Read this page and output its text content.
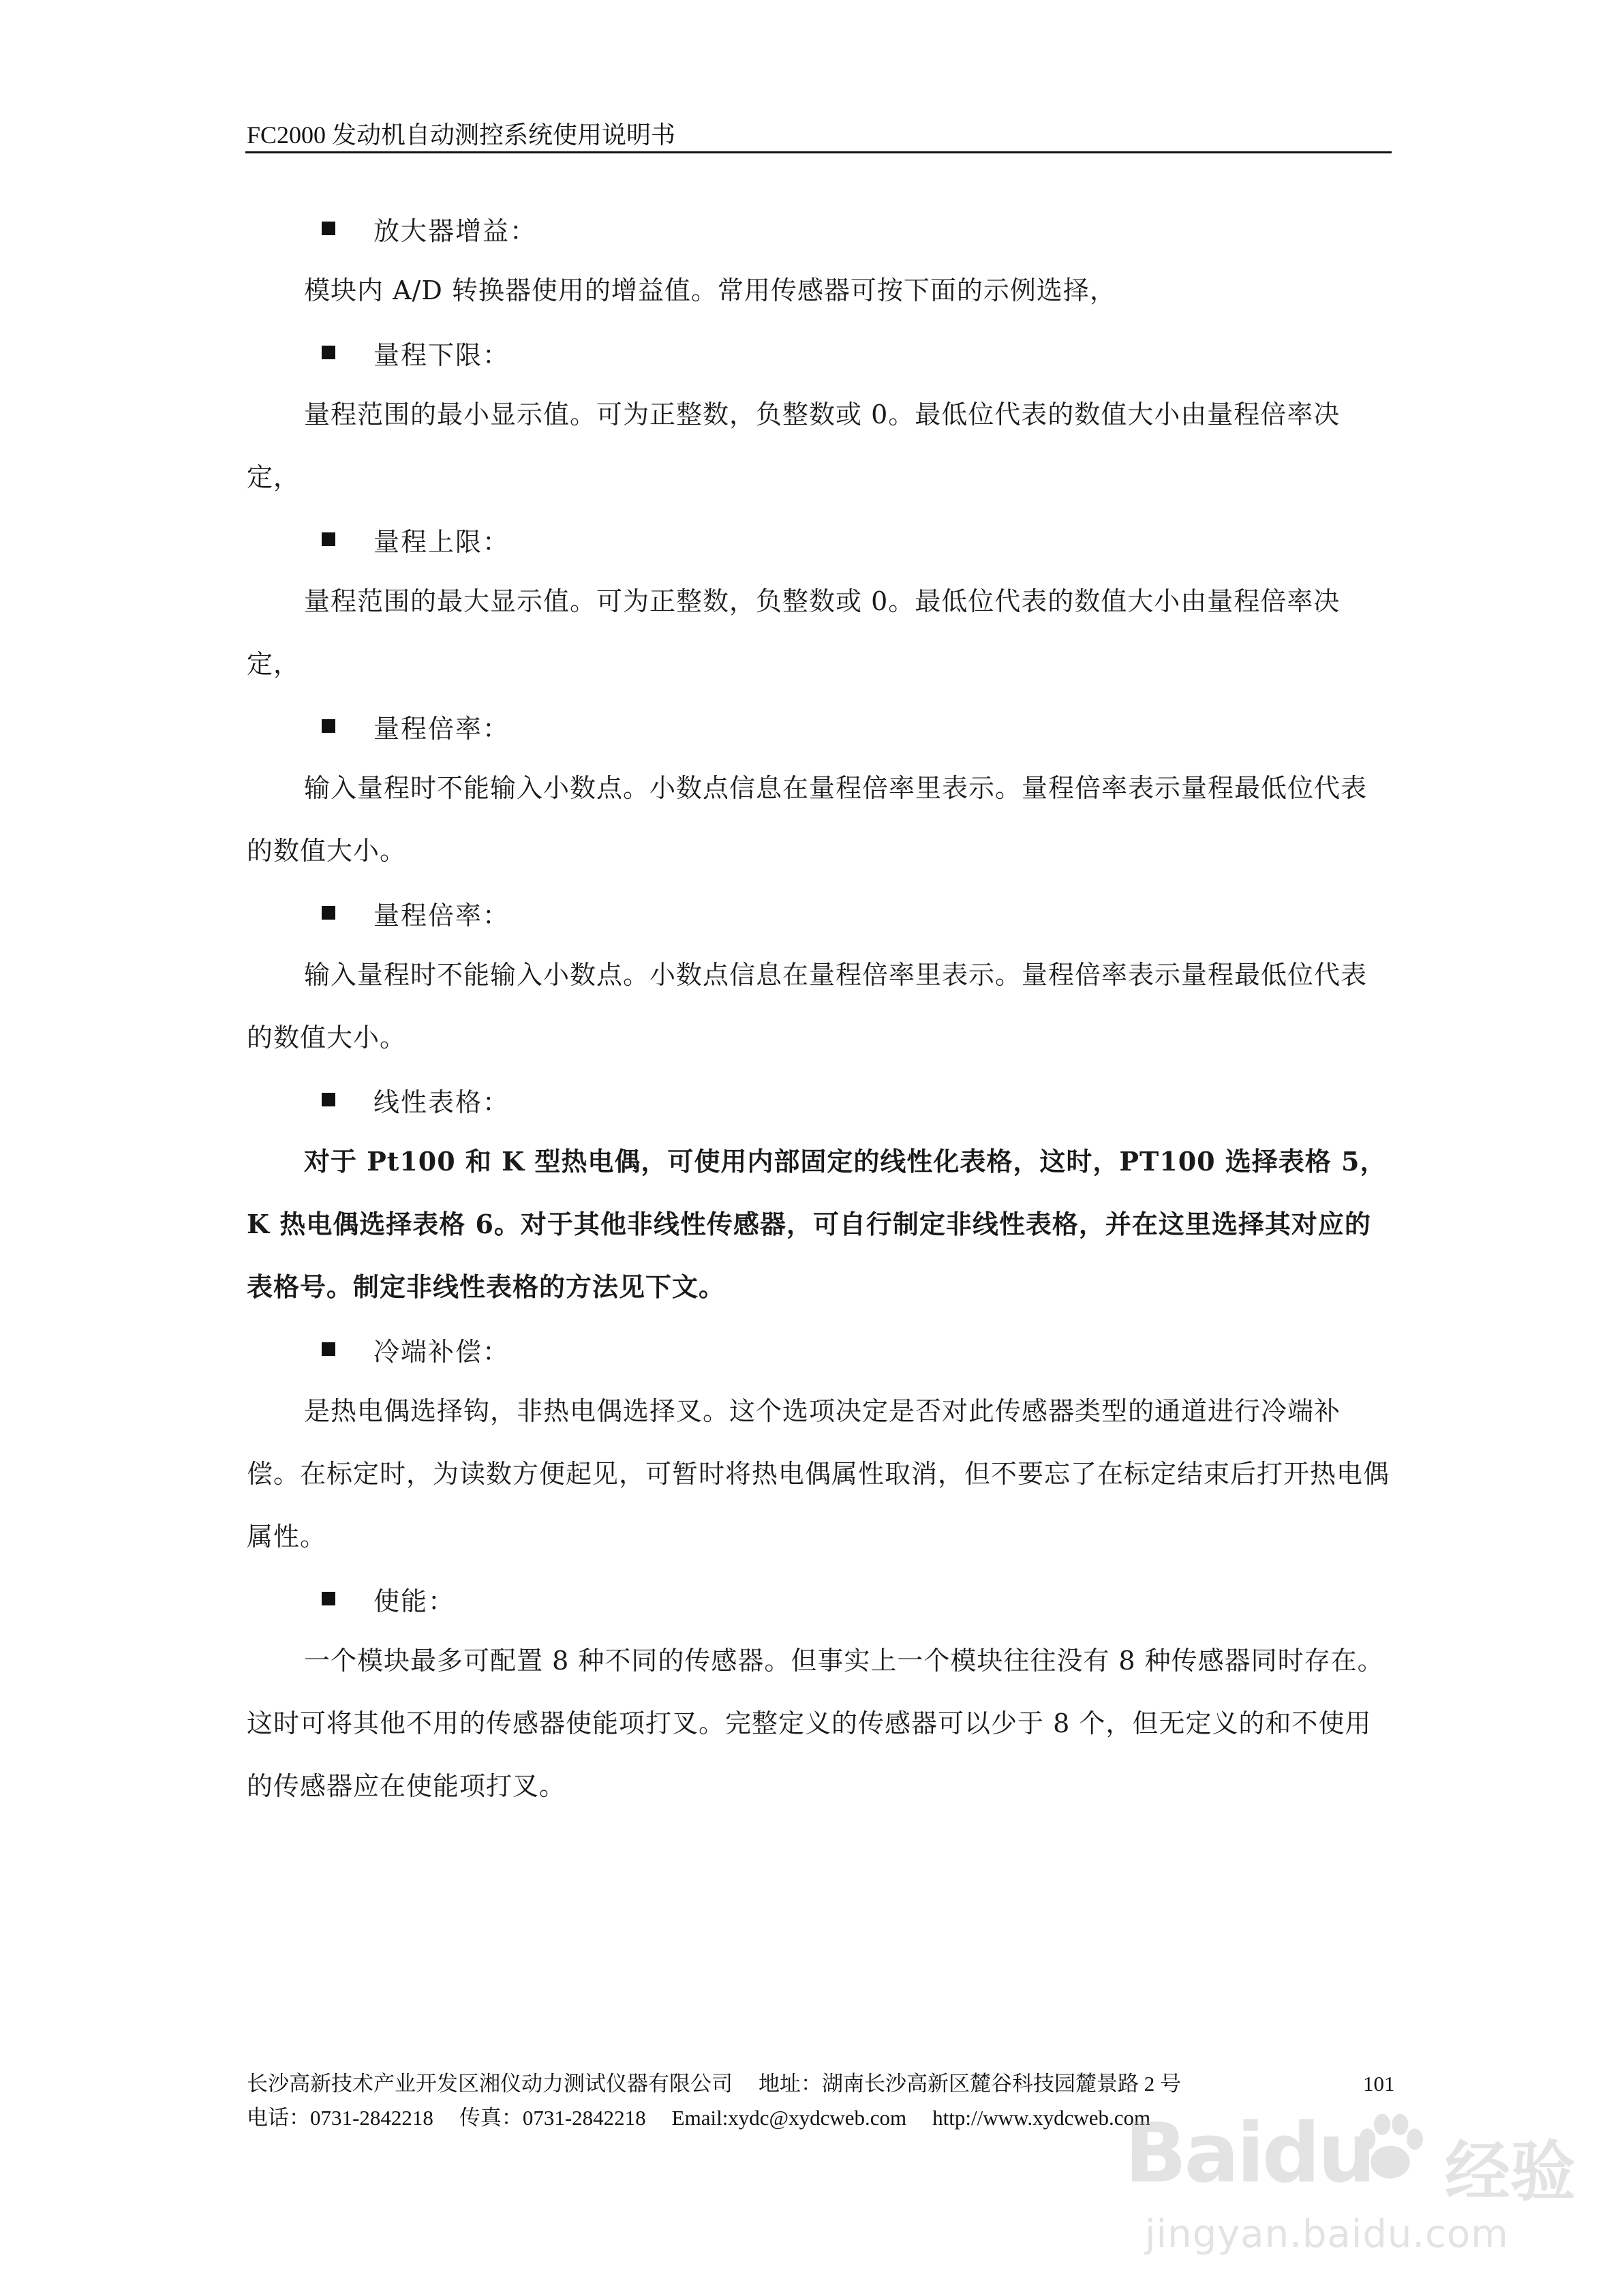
FC2000 发动机自动测控系统使用说明书
放大器增益：

模块内 A/D 转换器使用的增益值。常用传感器可按下面的示例选择，

量程下限：

量程范围的最小显示值。可为正整数，负整数或 0。最低位代表的数值大小由量程倍率决定，

量程上限：

量程范围的最大显示值。可为正整数，负整数或 0。最低位代表的数值大小由量程倍率决定，

量程倍率：

输入量程时不能输入小数点。小数点信息在量程倍率里表示。量程倍率表示量程最低位代表的数值大小。

量程倍率：

输入量程时不能输入小数点。小数点信息在量程倍率里表示。量程倍率表示量程最低位代表的数值大小。

线性表格：

对于 Pt100 和 K 型热电偶，可使用内部固定的线性化表格，这时，PT100 选择表格 5，K 热电偶选择表格 6。对于其他非线性传感器，可自行制定非线性表格，并在这里选择其对应的表格号。制定非线性表格的方法见下文。

冷端补偿：

是热电偶选择钩，非热电偶选择叉。这个选项决定是否对此传感器类型的通道进行冷端补偿。在标定时，为读数方便起见，可暂时将热电偶属性取消，但不要忘了在标定结束后打开热电偶属性。

使能：

一个模块最多可配置 8 种不同的传感器。但事实上一个模块往往没有 8 种传感器同时存在。这时可将其他不用的传感器使能项打叉。完整定义的传感器可以少于 8 个，但无定义的和不使用的传感器应在使能项打叉。

长沙高新技术产业开发区湘仪动力测试仪器有限公司 地址：湖南长沙高新区麓谷科技园麓景路 2 号	101
电话：0731-2842218 传真：0731-2842218 Email:xydc@xydcweb.com http://www.xydcweb.com
Baidu 经验
jingyan.baidu.com
